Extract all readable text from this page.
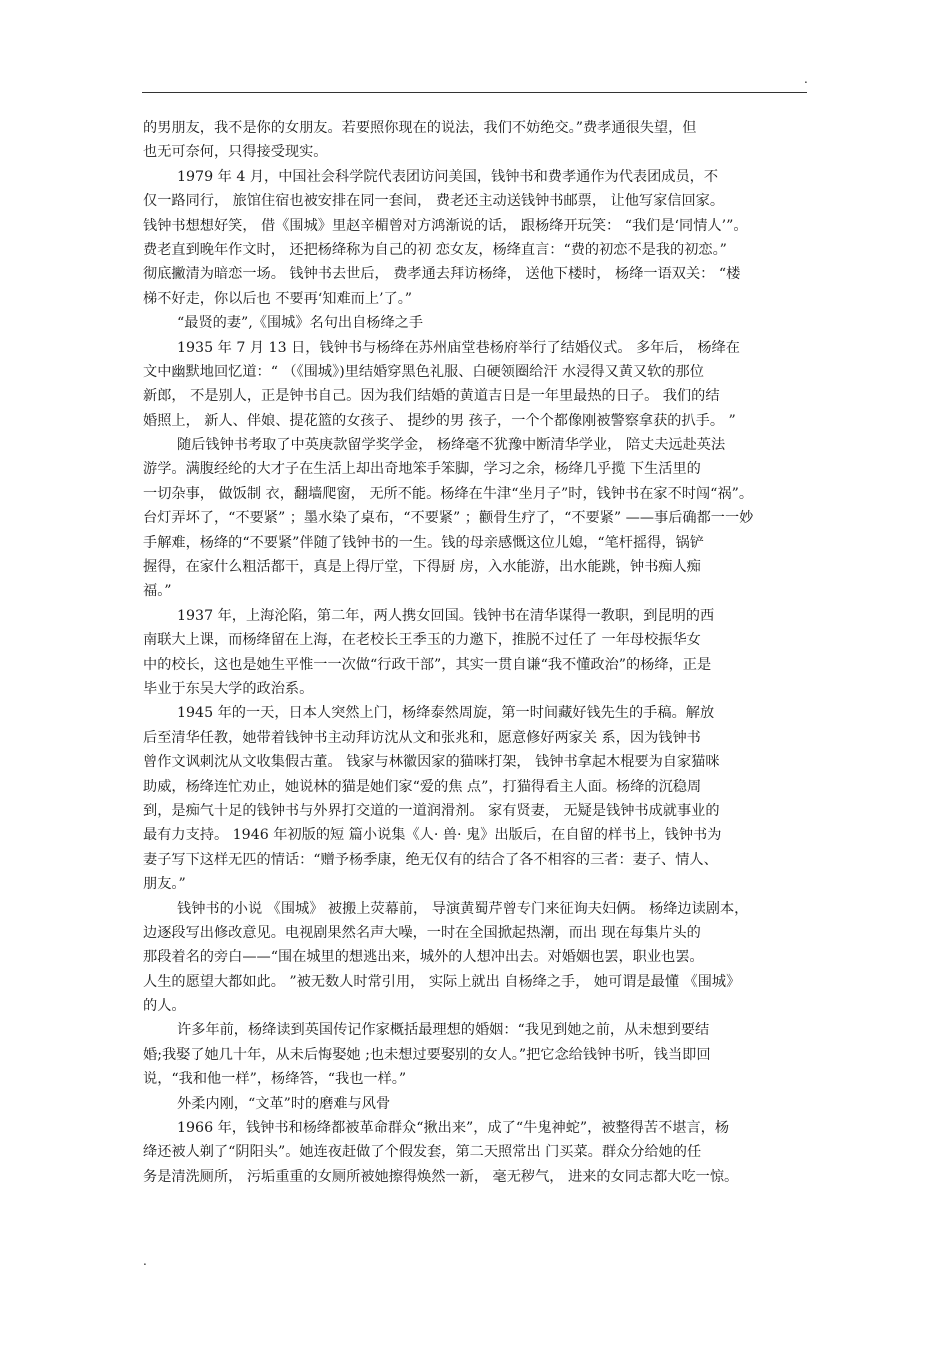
.
的男朋友，我不是你的女朋友。若要照你现在的说法，我们不妨绝交。”费孝通很失望，但
也无可奈何，只得接受现实。
1979 年 4 月，中国社会科学院代表团访问美国，钱钟书和费孝通作为代表团成员，不
仅一路同行， 旅馆住宿也被安排在同一套间， 费老还主动送钱钟书邮票， 让他写家信回家。
钱钟书想想好笑， 借《围城》里赵辛楣曾对方鸿渐说的话， 跟杨绛开玩笑： “我们是‘同情人’”。
费老直到晚年作文时， 还把杨绛称为自己的初 恋女友，杨绛直言：“费的初恋不是我的初恋。”
彻底撇清为暗恋一场。 钱钟书去世后， 费孝通去拜访杨绛， 送他下楼时， 杨绛一语双关： “楼
梯不好走，你以后也 不要再‘知难而上’了。”
“最贤的妻”,《围城》名句出自杨绛之手
1935 年 7 月 13 日，钱钟书与杨绛在苏州庙堂巷杨府举行了结婚仪式。 多年后， 杨绛在
文中幽默地回忆道：“ （《围城》)里结婚穿黑色礼服、白硬领圈给汗 水浸得又黄又软的那位
新郎， 不是别人，正是钟书自己。因为我们结婚的黄道吉日是一年里最热的日子。 我们的结
婚照上， 新人、伴娘、提花篮的女孩子、 提纱的男 孩子，一个个都像刚被警察拿获的扒手。 ”
随后钱钟书考取了中英庚款留学奖学金， 杨绛毫不犹豫中断清华学业， 陪丈夫远赴英法
游学。满腹经纶的大才子在生活上却出奇地笨手笨脚，学习之余，杨绛几乎揽 下生活里的
一切杂事， 做饭制 衣，翻墙爬窗， 无所不能。杨绛在牛津“坐月子”时，钱钟书在家不时闯“祸”。
台灯弄坏了，“不要紧” ；墨水染了桌布，“不要紧” ；颧骨生疗了，“不要紧” ——事后确都一一妙
手解难，杨绛的“不要紧”伴随了钱钟书的一生。钱的母亲感慨这位儿媳，“笔杆摇得，锅铲
握得，在家什么粗活都干，真是上得厅堂，下得厨 房，入水能游，出水能跳，钟书痴人痴
福。”
1937 年，上海沦陷，第二年，两人携女回国。钱钟书在清华谋得一教职，到昆明的西
南联大上课，而杨绛留在上海，在老校长王季玉的力邀下，推脱不过任了 一年母校振华女
中的校长，这也是她生平惟一一次做“行政干部”，其实一贯自谦“我不懂政治”的杨绛，正是
毕业于东吴大学的政治系。
1945 年的一天，日本人突然上门，杨绛泰然周旋，第一时间藏好钱先生的手稿。解放
后至清华任教，她带着钱钟书主动拜访沈从文和张兆和，愿意修好两家关 系，因为钱钟书
曾作文讽刺沈从文收集假古董。 钱家与林徽因家的猫咪打架， 钱钟书拿起木棍要为自家猫咪
助威，杨绛连忙劝止，她说林的猫是她们家“爱的焦 点”，打猫得看主人面。杨绛的沉稳周
到，是痴气十足的钱钟书与外界打交道的一道润滑剂。 家有贤妻， 无疑是钱钟书成就事业的
最有力支持。 1946 年初版的短 篇小说集《人· 兽· 鬼》出版后，在自留的样书上，钱钟书为
妻子写下这样无匹的情话：“赠予杨季康，绝无仅有的结合了各不相容的三者：妻子、情人、
朋友。”
钱钟书的小说 《围城》 被搬上荧幕前， 导演黄蜀芹曾专门来征询夫妇俩。 杨绛边读剧本，
边逐段写出修改意见。电视剧果然名声大噪，一时在全国掀起热潮，而出 现在每集片头的
那段着名的旁白——“围在城里的想逃出来，城外的人想冲出去。对婚姻也罢，职业也罢。
人生的愿望大都如此。 ”被无数人时常引用， 实际上就出 自杨绛之手， 她可谓是最懂 《围城》
的人。
许多年前，杨绛读到英国传记作家概括最理想的婚姻：“我见到她之前，从未想到要结
婚;我娶了她几十年，从未后悔娶她 ;也未想过要娶别的女人。”把它念给钱钟书听，钱当即回
说，“我和他一样”，杨绛答，“我也一样。”
外柔内刚，“文革”时的磨难与风骨
1966 年，钱钟书和杨绛都被革命群众“揪出来”，成了“牛鬼神蛇”，被整得苦不堪言，杨
绛还被人剃了“阴阳头”。她连夜赶做了个假发套，第二天照常出 门买菜。群众分给她的任
务是清洗厕所， 污垢重重的女厕所被她擦得焕然一新， 毫无秽气， 进来的女同志都大吃一惊。
.
